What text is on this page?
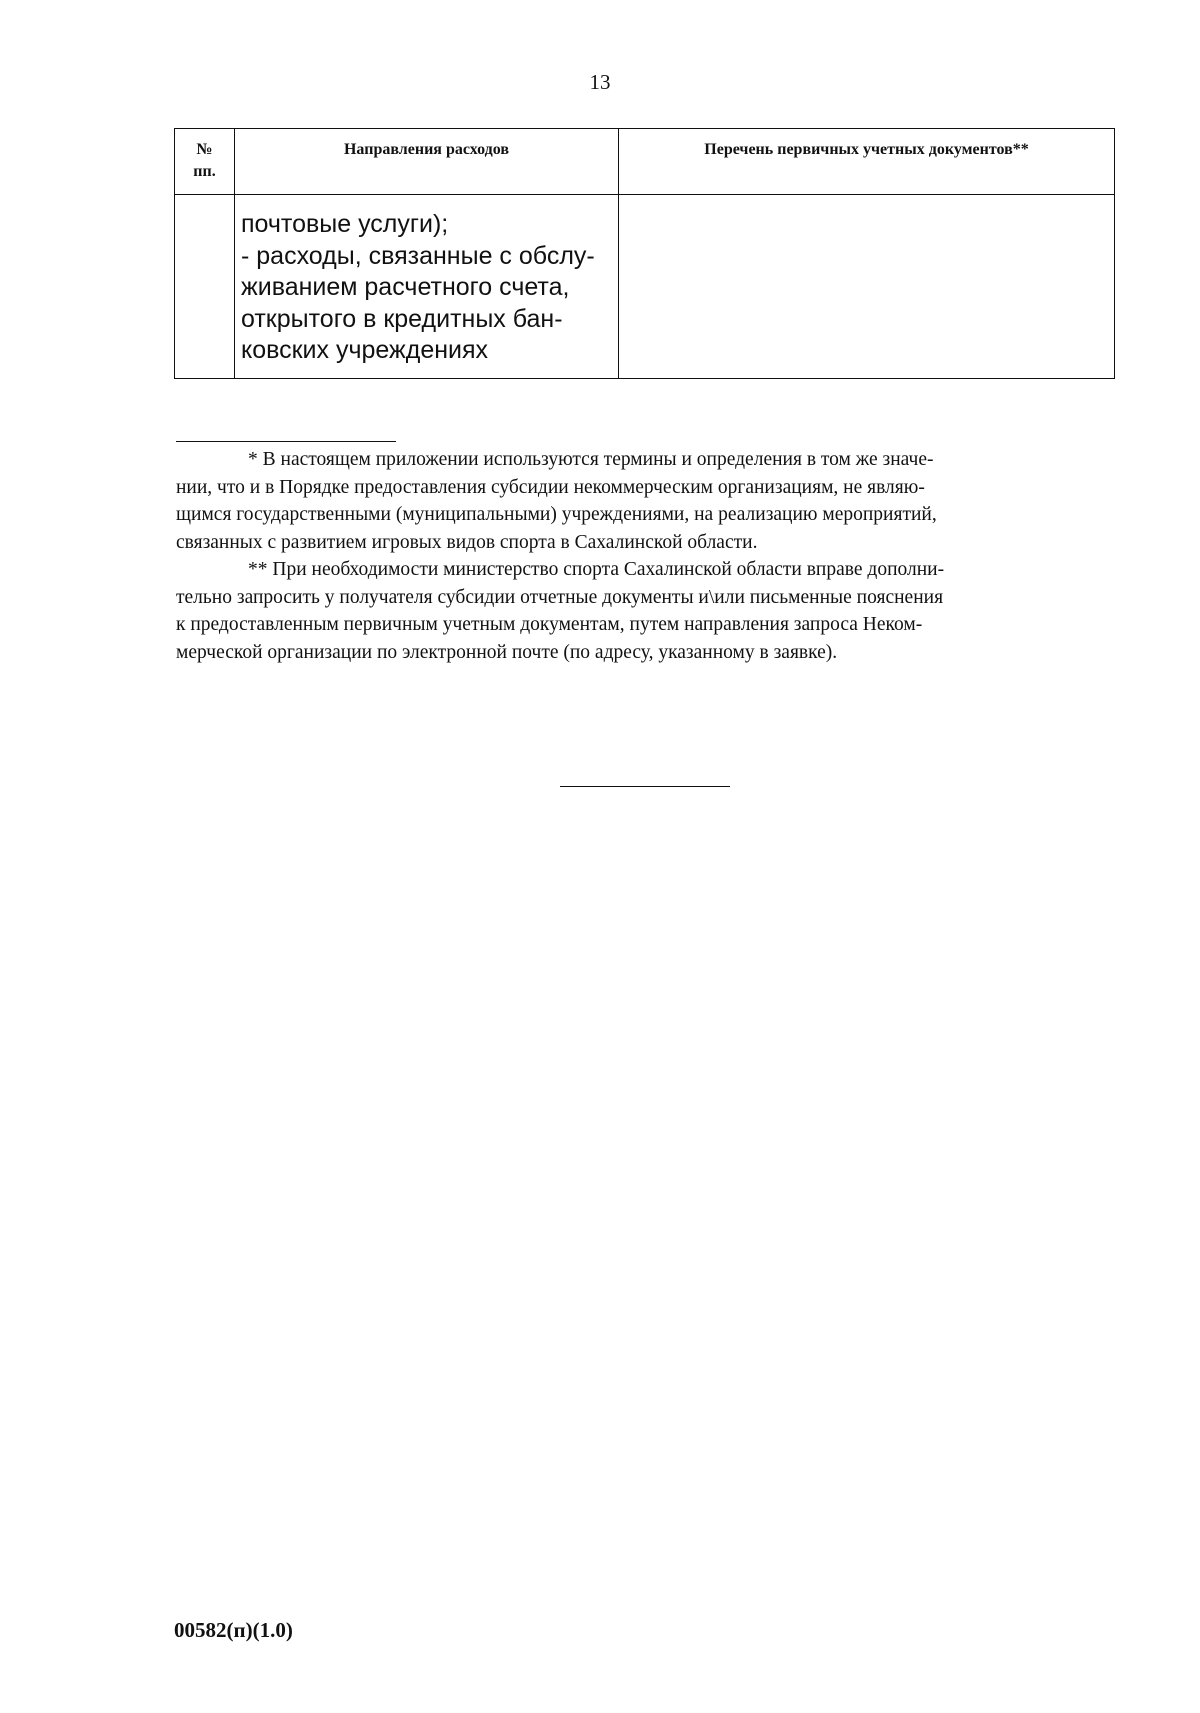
13
№
пп.	Направления расходов	Перечень первичных учетных документов**

	почтовые услуги);
- расходы, связанные с обслу-
живанием расчетного счета,
открытого в кредитных бан-
ковских учреждениях	

* В настоящем приложении используются термины и определения в том же значе-
нии, что и в Порядке предоставления субсидии некоммерческим организациям, не являю-
щимся государственными (муниципальными) учреждениями, на реализацию мероприятий,
связанных с развитием игровых видов спорта в Сахалинской области.
** При необходимости министерство спорта Сахалинской области вправе дополни-
тельно запросить у получателя субсидии отчетные документы и\или письменные пояснения
к предоставленным первичным учетным документам, путем направления запроса Неком-
мерческой организации по электронной почте (по адресу, указанному в заявке).
00582(п)(1.0)
